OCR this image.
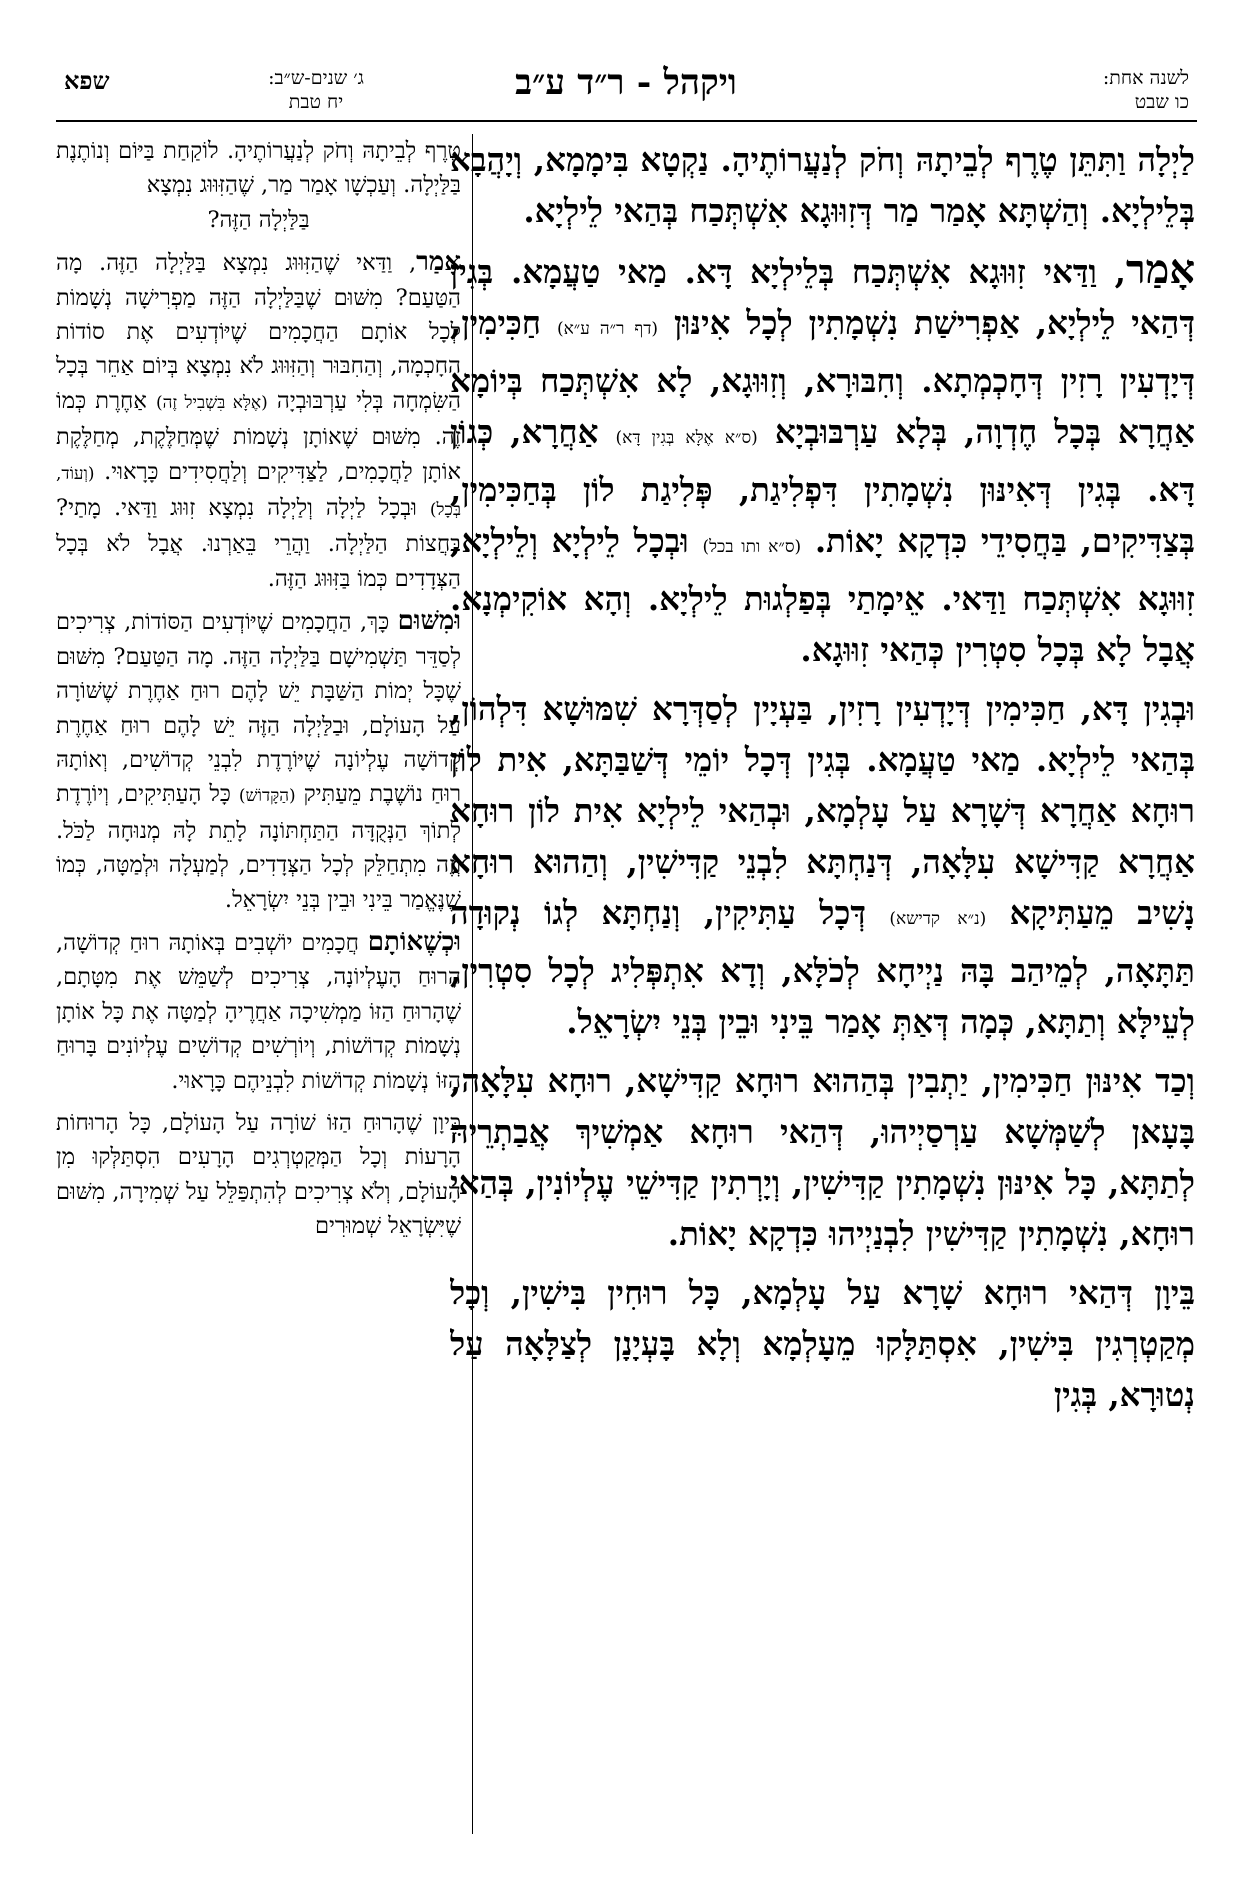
שפא	ג׳ שנים-ש״ב:
יח טבת	ויקהל - ר״ד ע״ב	לשנה אחת:
כו שבט

לַיְלָה וַתִּתֵּן טֶרֶף לְבֵיתָהּ וְחֹק לְנַעֲרוֹתֶיהָ. נַקְטָא בִּימָמָא, וְיָהֲבָא בְּלֵילְיָא. וְהַשְׁתָּא אָמַר מַר דְּזִוּוּגָא אִשְׁתְּכַח בְּהַאי לֵילְיָא.

אָמַר, וַדַּאי זִוּוּגָא אִשְׁתְּכַח בְּלֵילְיָא דָּא. מַאי טַעֲמָא. בְּגִין דְּהַאי לֵילְיָא, אַפְרִישַׁת נִשְׁמָתִין לְכָל אִינּוּן (דף ר״ה ע״א) חַכִּימִין, דְּיָדְעִין רָזִין דְּחָכְמְתָא. וְחִבּוּרָא, וְזִוּוּגָא, לָא אִשְׁתְּכַח בְּיוֹמָא אַחֲרָא בְּכָל חֶדְוָה, בְּלָא עַרְבּוּבְיָא (ס״א אֶלָּא בְּגִין דָּא) אַחֲרָא, כְּגוֹן דָּא. בְּגִין דְּאִינּוּן נִשְׁמָתִין דִּפְלִיגַת, פְּלִיגַת לוֹן בְּחַכִּימִין, בְּצַדִּיקִים, בַּחֲסִידֵי כִּדְקָא יָאוֹת. (ס״א ותו בכל) וּבְכָל לֵילְיָא וְלֵילְיָא, זִוּוּגָא אִשְׁתְּכַח וַדַּאי. אֵימָתַי בְּפַלְגוּת לֵילְיָא. וְהָא אוֹקִימְנָא. אֲבָל לָא בְּכָל סִטְרִין כְּהַאי זִוּוּגָא.

וּבְגִין דָּא, חַכִּימִין דְּיָדְעִין רָזִין, בַּעְיָין לְסַדְּרָא שִׁמּוּשָׁא דִּלְהוֹן, בְּהַאי לֵילְיָא. מַאי טַעֲמָא. בְּגִין דְּכָל יוֹמֵי דְּשַׁבַּתָּא, אִית לוֹן רוּחָא אַחֲרָא דְּשָׁרָא עַל עָלְמָא, וּבְהַאי לֵילְיָא אִית לוֹן רוּחָא אַחֲרָא קַדִּישָׁא עִלָּאָה, דְּנַחְתָּא לִבְנֵי קַדִּישִׁין, וְהַהוּא רוּחָא נָשִׁיב מֵעַתִּיקָא (נ״א קדישא) דְּכָל עַתִּיקִין, וְנַחְתָּא לְגוֹ נְקוּדָה תַּתָּאָה, לְמֵיהַב בָּהּ נַיְיחָא לְכֹלָּא, וְדָא אִתְפְּלִיג לְכָל סִטְרִין, לְעֵילָּא וְתַתָּא, כְּמָה דְּאַתְּ אָמַר בֵּינִי וּבֵין בְּנֵי יִשְׂרָאֵל.

וְכַד אִינּוּן חַכִּימִין, יַתְבִין בְּהַהוּא רוּחָא קַדִּישָׁא, רוּחָא עִלָּאָה, בָּעָאן לְשַׁמְּשָׁא עַרְסַיְיהוּ, דְּהַאי רוּחָא אַמְשִׁיךְ אֲבַתְרֵיהּ לְתַתָּא, כָּל אִינּוּן נִשְׁמָתִין קַדִּישִׁין, וְיָרְתִין קַדִּישֵׁי עֶלְיוֹנִין, בְּהַאי רוּחָא, נִשְׁמָתִין קַדִּישִׁין לִבְנַיְיהוּ כִּדְקָא יָאוֹת.

בֵּיוָן דְּהַאי רוּחָא שָׁרָא עַל עָלְמָא, כָּל רוּחִין בִּישִׁין, וְכָל מְקַטְרְגִין בִּישִׁין, אִסְתַּלָּקוּ מֵעָלְמָא וְלָא בָּעְיָנָן לְצַלָּאָה עַל נְטוּרָא, בְּגִין

טֶרֶף לְבֵיתָהּ וְחֹק לְנַעֲרוֹתֶיהָ. לוֹקַחַת בַּיּוֹם וְנוֹתֶנֶת בַּלַּיְלָה. וְעַכְשָׁו אָמַר מַר, שֶׁהַזִּוּוּג נִמְצָא
בַּלַּיְלָה הַזֶּה?

אָמַר, וַדַּאי שֶׁהַזִּוּוּג נִמְצָא בַּלַּיְלָה הַזֶּה. מָה הַטַּעַם? מִשּׁוּם שֶׁבַּלַּיְלָה הַזֶּה מַפְרִישָׁה נְשָׁמוֹת לְכָל אוֹתָם הַחֲכָמִים שֶׁיּוֹדְעִים אֶת סוֹדוֹת הַחָכְמָה, וְהַחִבּוּר וְהַזִּוּוּג לֹא נִמְצָא בְּיוֹם אַחֵר בְּכָל הַשִּׂמְחָה בְּלִי עַרְבּוּבְיָה (אֶלָּא בִּשְׁבִיל זֶה) אַחֶרֶת כְּמוֹ זֶה. מִשּׁוּם שֶׁאוֹתָן נְשָׁמוֹת שֶׁמְּחַלֶּקֶת, מְחַלֶּקֶת אוֹתָן לַחֲכָמִים, לַצַּדִּיקִים וְלַחֲסִידִים כָּרָאוּי. (וְעוֹד, בְּכָל) וּבְכָל לַיְלָה וְלַיְלָה נִמְצָא זִוּוּג וַדַּאי. מָתַי? בַּחֲצוֹת הַלַּיְלָה. וַהֲרֵי בֵּאַרְנוּ. אֲבָל לֹא בְּכָל הַצְּדָדִים כְּמוֹ בַּזִּוּוּג הַזֶּה.

וּמִשּׁוּם כָּךְ, הַחֲכָמִים שֶׁיּוֹדְעִים הַסּוֹדוֹת, צְרִיכִים לְסַדֵּר תַּשְׁמִישָׁם בַּלַּיְלָה הַזֶּה. מָה הַטַּעַם? מִשּׁוּם שֶׁכָּל יְמוֹת הַשַּׁבָּת יֵשׁ לָהֶם רוּחַ אַחֶרֶת שֶׁשּׁוֹרָה עַל הָעוֹלָם, וּבַלַּיְלָה הַזֶּה יֵשׁ לָהֶם רוּחַ אַחֶרֶת קְדוֹשָׁה עֶלְיוֹנָה שֶׁיּוֹרֶדֶת לִבְנֵי קְדוֹשִׁים, וְאוֹתָהּ רוּחַ נוֹשֶׁבֶת מֵעַתִּיק (הַקָּדוֹשׁ) כָּל הָעַתִּיקִים, וְיוֹרֶדֶת לְתוֹךְ הַנְּקֻדָּה הַתַּחְתּוֹנָה לָתֵת לָהּ מְנוּחָה לַכֹּל. וְזֶה מִתְחַלֵּק לְכָל הַצְּדָדִים, לְמַעְלָה וּלְמַטָּה, כְּמוֹ שֶׁנֶּאֱמַר בֵּינִי וּבֵין בְּנֵי יִשְׂרָאֵל.

וּכְשֶׁאוֹתָם חֲכָמִים יוֹשְׁבִים בְּאוֹתָהּ רוּחַ קְדוֹשָׁה, הָרוּחַ הָעֶלְיוֹנָה, צְרִיכִים לְשַׁמֵּשׁ אֶת מִטָּתָם, שֶׁהָרוּחַ הַזּוֹ מַמְשִׁיכָה אַחֲרֶיהָ לְמַטָּה אֶת כָּל אוֹתָן נְשָׁמוֹת קְדוֹשׁוֹת, וְיוֹרְשִׁים קְדוֹשִׁים עֶלְיוֹנִים בָּרוּחַ הַזּוֹ נְשָׁמוֹת קְדוֹשׁוֹת לִבְנֵיהֶם כָּרָאוּי.

כֵּיוָן שֶׁהָרוּחַ הַזּוֹ שׁוֹרָה עַל הָעוֹלָם, כָּל הָרוּחוֹת הָרָעוֹת וְכָל הַמְּקַטְרְגִים הָרָעִים הִסְתַּלְּקוּ מִן הָעוֹלָם, וְלֹא צְרִיכִים לְהִתְפַּלֵּל עַל שְׁמִירָה, מִשּׁוּם שֶׁיִּשְׂרָאֵל שְׁמוּרִים
